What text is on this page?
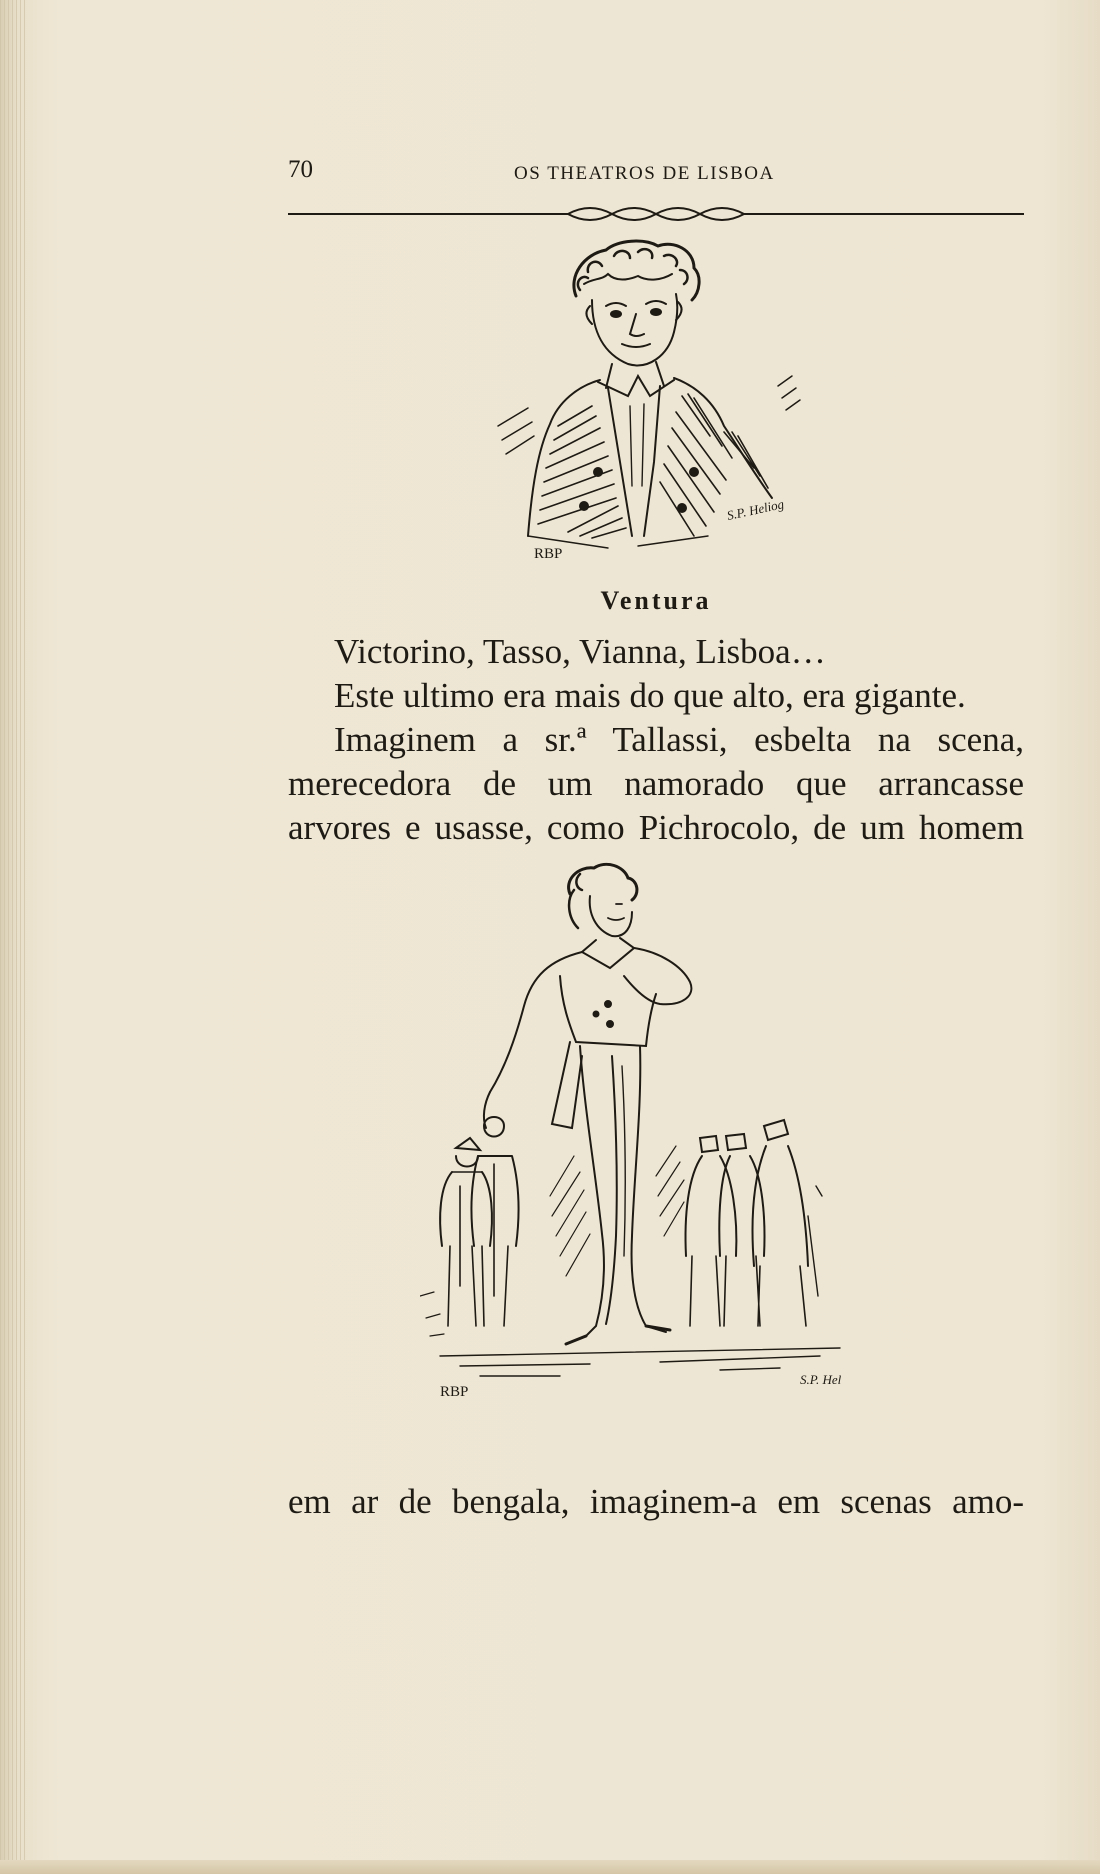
70	OS THEATROS DE LISBOA
RBP
S.P. Heliog
Ventura
Victorino, Tasso, Vianna, Lisboa…
Este ultimo era mais do que alto, era gigante.
Imaginem a sr.ª Tallassi, esbelta na scena,
merecedora de um namorado que arrancasse
arvores e usasse, como Pichrocolo, de um homem
RBP
S.P. Hel
em ar de bengala, imaginem-a em scenas amo-
